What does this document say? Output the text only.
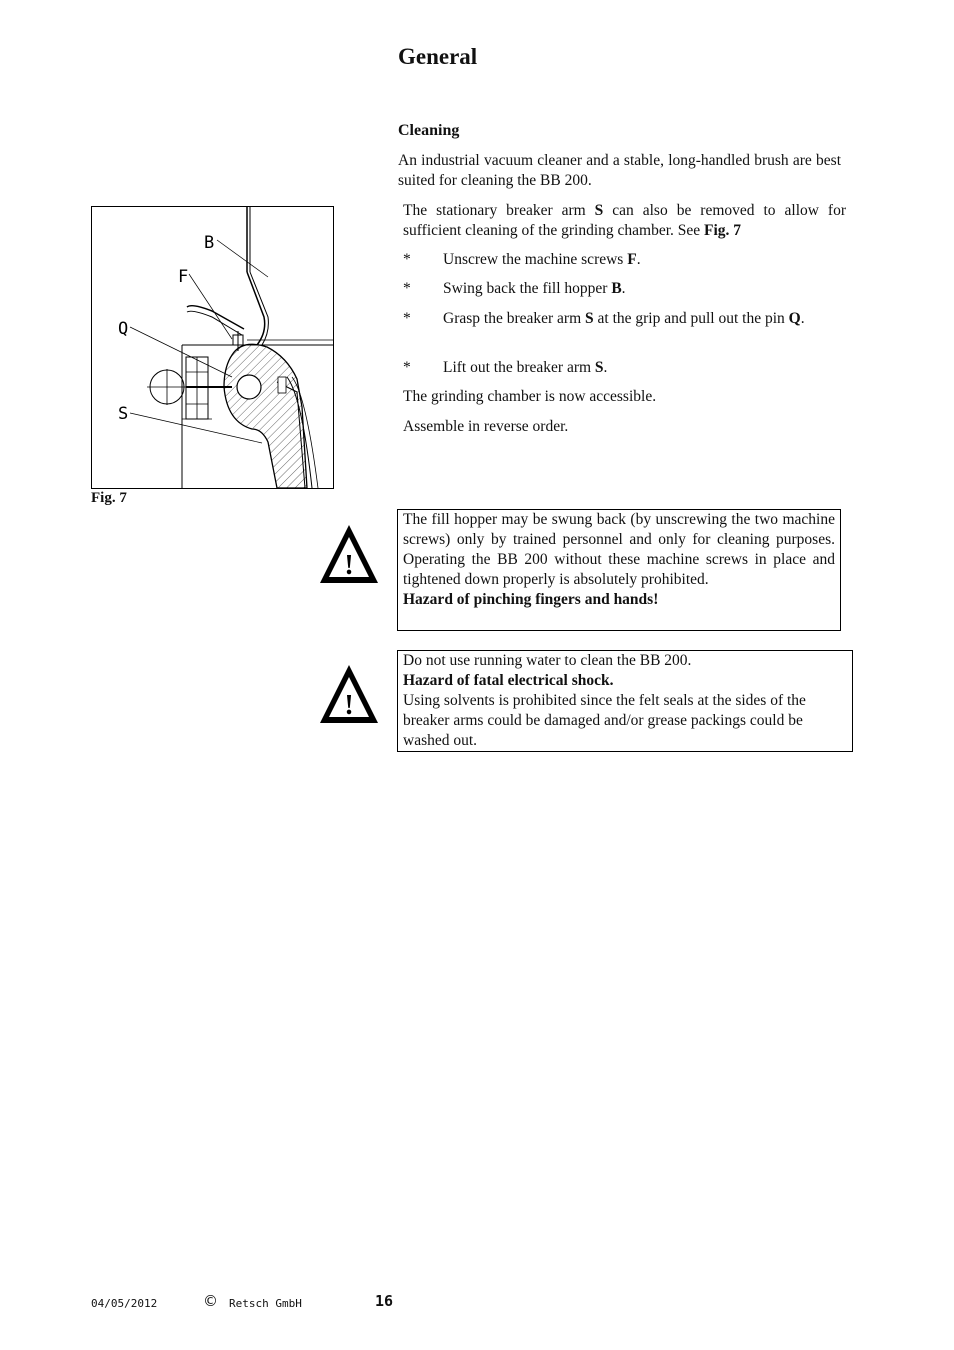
General
Cleaning
An industrial vacuum cleaner and a stable, long-handled brush are best suited for cleaning the BB 200.
The stationary breaker arm S can also be removed to allow for sufficient cleaning of the grinding chamber. See Fig. 7
* Unscrew the machine screws F.
* Swing back the fill hopper B.
* Grasp the breaker arm S at the grip and pull out the pin Q.
* Lift out the breaker arm S.
The grinding chamber is now accessible.
Assemble in reverse order.
B
F
Q
S
Fig. 7
!
The fill hopper may be swung back (by unscrewing the two machine screws) only by trained personnel and only for cleaning purposes. Operating the BB 200 without these machine screws in place and tightened down properly is absolutely prohibited.
Hazard of pinching fingers and hands!
!
Do not use running water to clean the BB 200.
Hazard of fatal electrical shock.
Using solvents is prohibited since the felt seals at the sides of the breaker arms could be damaged and/or grease packings could be washed out.
04/05/2012	© Retsch GmbH	16
